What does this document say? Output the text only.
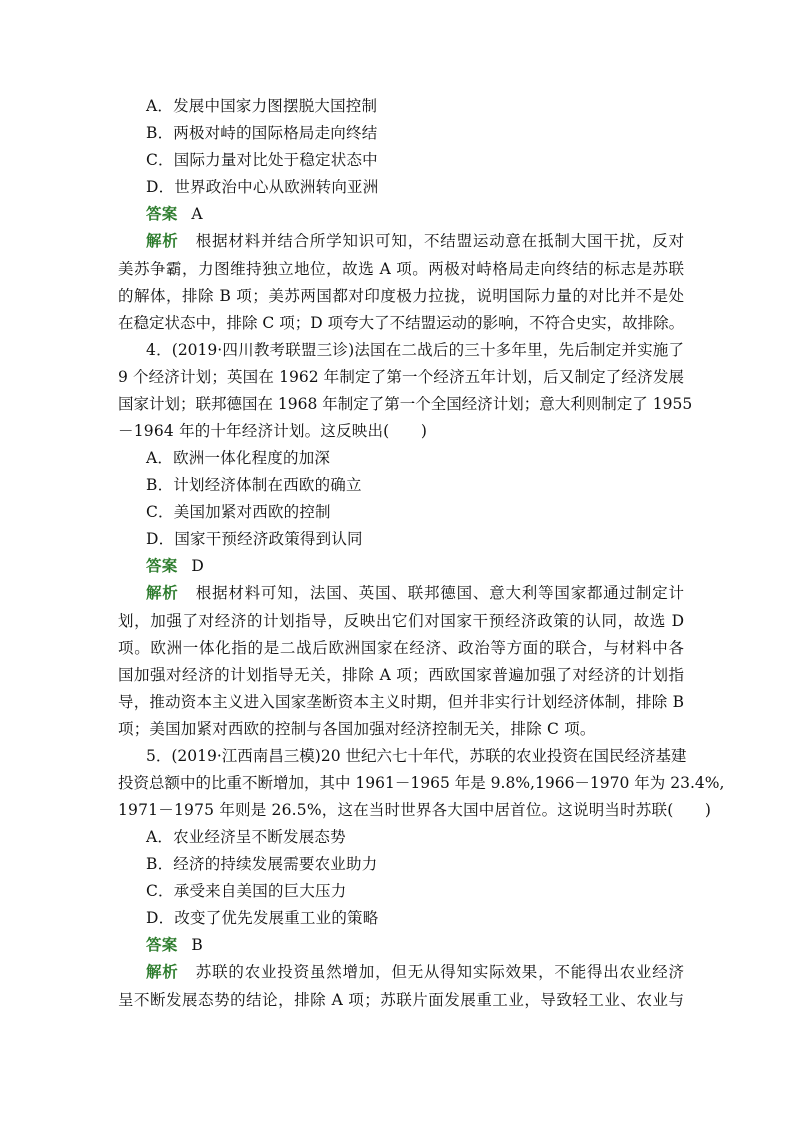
A．发展中国家力图摆脱大国控制
B．两极对峙的国际格局走向终结
C．国际力量对比处于稳定状态中
D．世界政治中心从欧洲转向亚洲
答案 A
解析 根据材料并结合所学知识可知，不结盟运动意在抵制大国干扰，反对
美苏争霸，力图维持独立地位，故选 A 项。两极对峙格局走向终结的标志是苏联
的解体，排除 B 项；美苏两国都对印度极力拉拢，说明国际力量的对比并不是处
在稳定状态中，排除 C 项；D 项夸大了不结盟运动的影响，不符合史实，故排除。
4．(2019·四川教考联盟三诊)法国在二战后的三十多年里，先后制定并实施了
9 个经济计划；英国在 1962 年制定了第一个经济五年计划，后又制定了经济发展
国家计划；联邦德国在 1968 年制定了第一个全国经济计划；意大利则制定了 1955
－1964 年的十年经济计划。这反映出(　　)
A．欧洲一体化程度的加深
B．计划经济体制在西欧的确立
C．美国加紧对西欧的控制
D．国家干预经济政策得到认同
答案 D
解析 根据材料可知，法国、英国、联邦德国、意大利等国家都通过制定计
划，加强了对经济的计划指导，反映出它们对国家干预经济政策的认同，故选 D
项。欧洲一体化指的是二战后欧洲国家在经济、政治等方面的联合，与材料中各
国加强对经济的计划指导无关，排除 A 项；西欧国家普遍加强了对经济的计划指
导，推动资本主义进入国家垄断资本主义时期，但并非实行计划经济体制，排除 B
项；美国加紧对西欧的控制与各国加强对经济控制无关，排除 C 项。
5．(2019·江西南昌三模)20 世纪六七十年代，苏联的农业投资在国民经济基建
投资总额中的比重不断增加，其中 1961－1965 年是 9.8%,1966－1970 年为 23.4%,
1971－1975 年则是 26.5%，这在当时世界各大国中居首位。这说明当时苏联(　　)
A．农业经济呈不断发展态势
B．经济的持续发展需要农业助力
C．承受来自美国的巨大压力
D．改变了优先发展重工业的策略
答案 B
解析 苏联的农业投资虽然增加，但无从得知实际效果，不能得出农业经济
呈不断发展态势的结论，排除 A 项；苏联片面发展重工业，导致轻工业、农业与
